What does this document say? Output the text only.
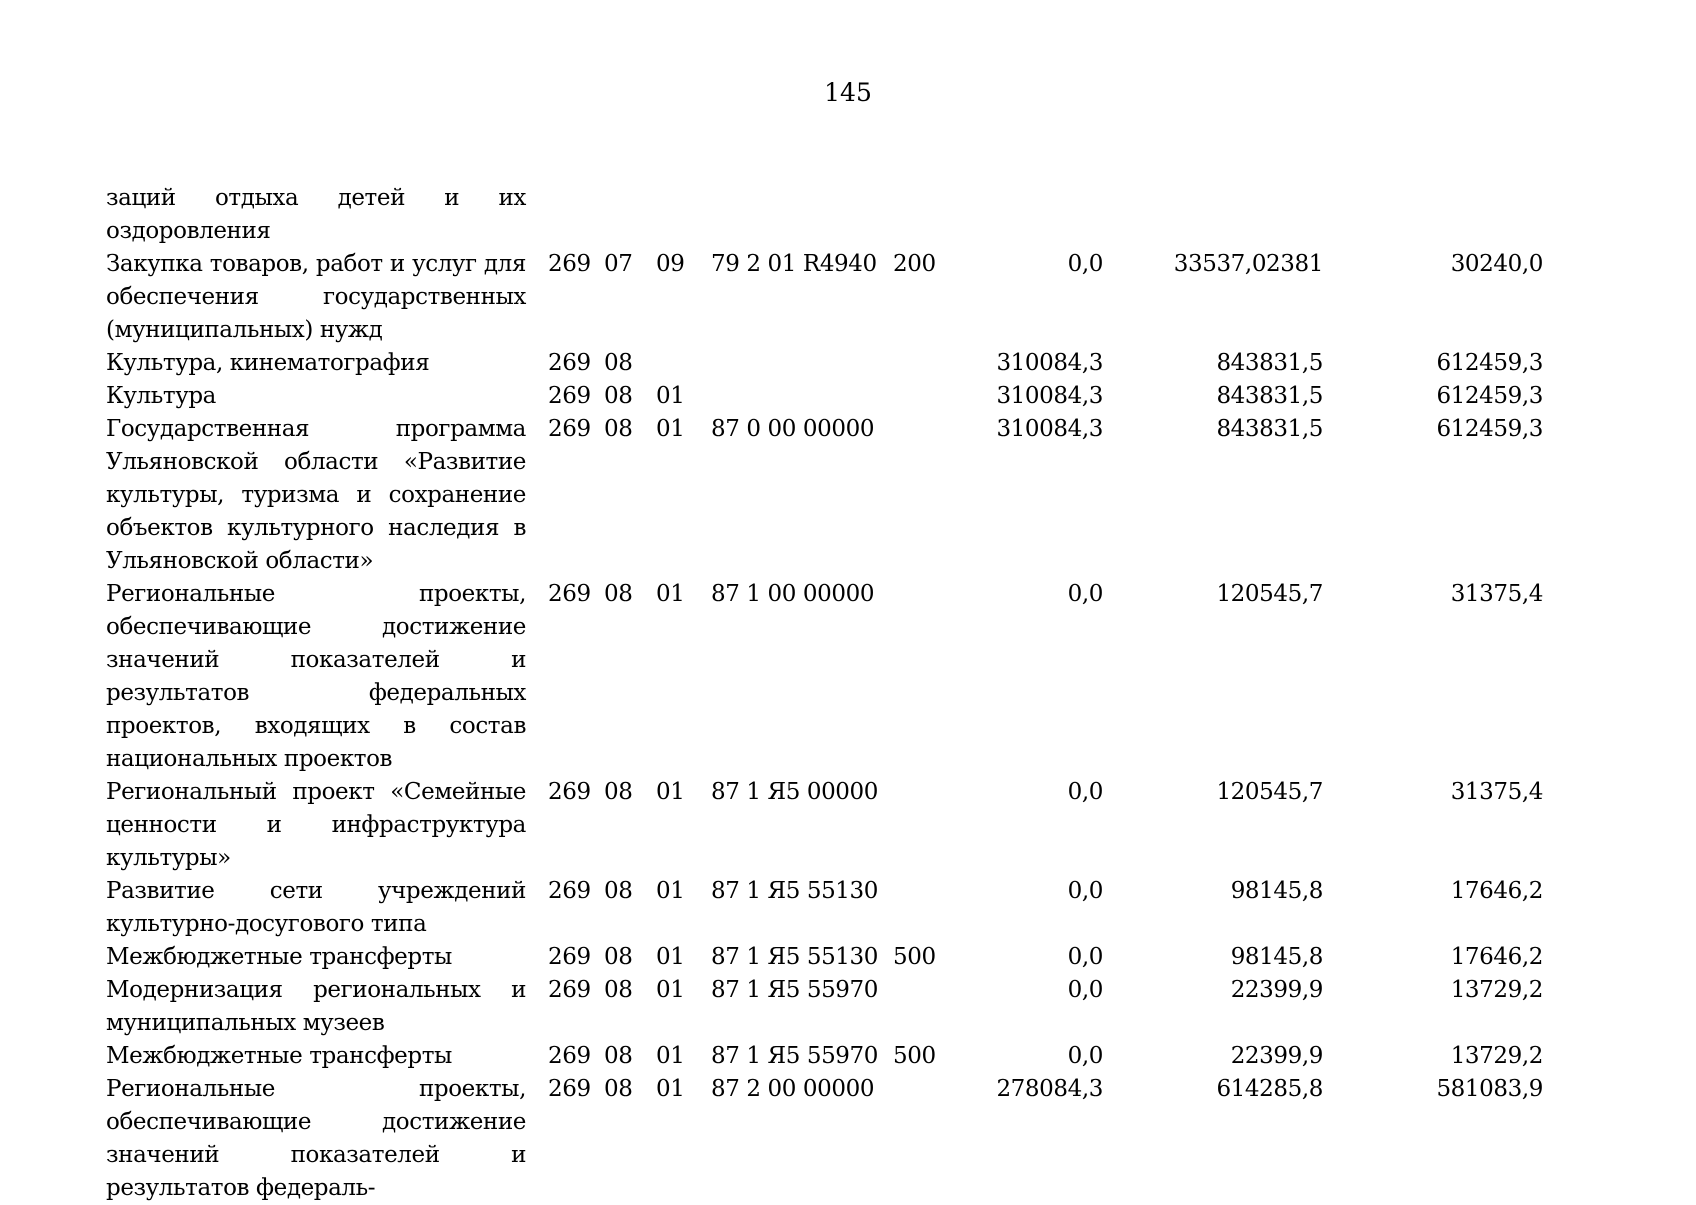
145
заций отдыха детей и их оздоровления								
Закупка товаров, работ и услуг для обеспечения государственных (муниципальных) нужд	269	07	09	79 2 01 R4940	200	0,0	33537,02381	30240,0
Культура, кинематография	269	08				310084,3	843831,5	612459,3
Культура	269	08	01			310084,3	843831,5	612459,3
Государственная программа Ульяновской области «Развитие культуры, туризма и сохранение объектов культурного наследия в Ульяновской области»	269	08	01	87 0 00 00000		310084,3	843831,5	612459,3
Региональные проекты, обеспечивающие достижение значений показателей и результатов федеральных проектов, входящих в состав национальных проектов	269	08	01	87 1 00 00000		0,0	120545,7	31375,4
Региональный проект «Семейные ценности и инфраструктура культуры»	269	08	01	87 1 Я5 00000		0,0	120545,7	31375,4
Развитие сети учреждений культурно-досугового типа	269	08	01	87 1 Я5 55130		0,0	98145,8	17646,2
Межбюджетные трансферты	269	08	01	87 1 Я5 55130	500	0,0	98145,8	17646,2
Модернизация региональных и муниципальных музеев	269	08	01	87 1 Я5 55970		0,0	22399,9	13729,2
Межбюджетные трансферты	269	08	01	87 1 Я5 55970	500	0,0	22399,9	13729,2
Региональные проекты, обеспечивающие достижение значений показателей и результатов федераль-	269	08	01	87 2 00 00000		278084,3	614285,8	581083,9
